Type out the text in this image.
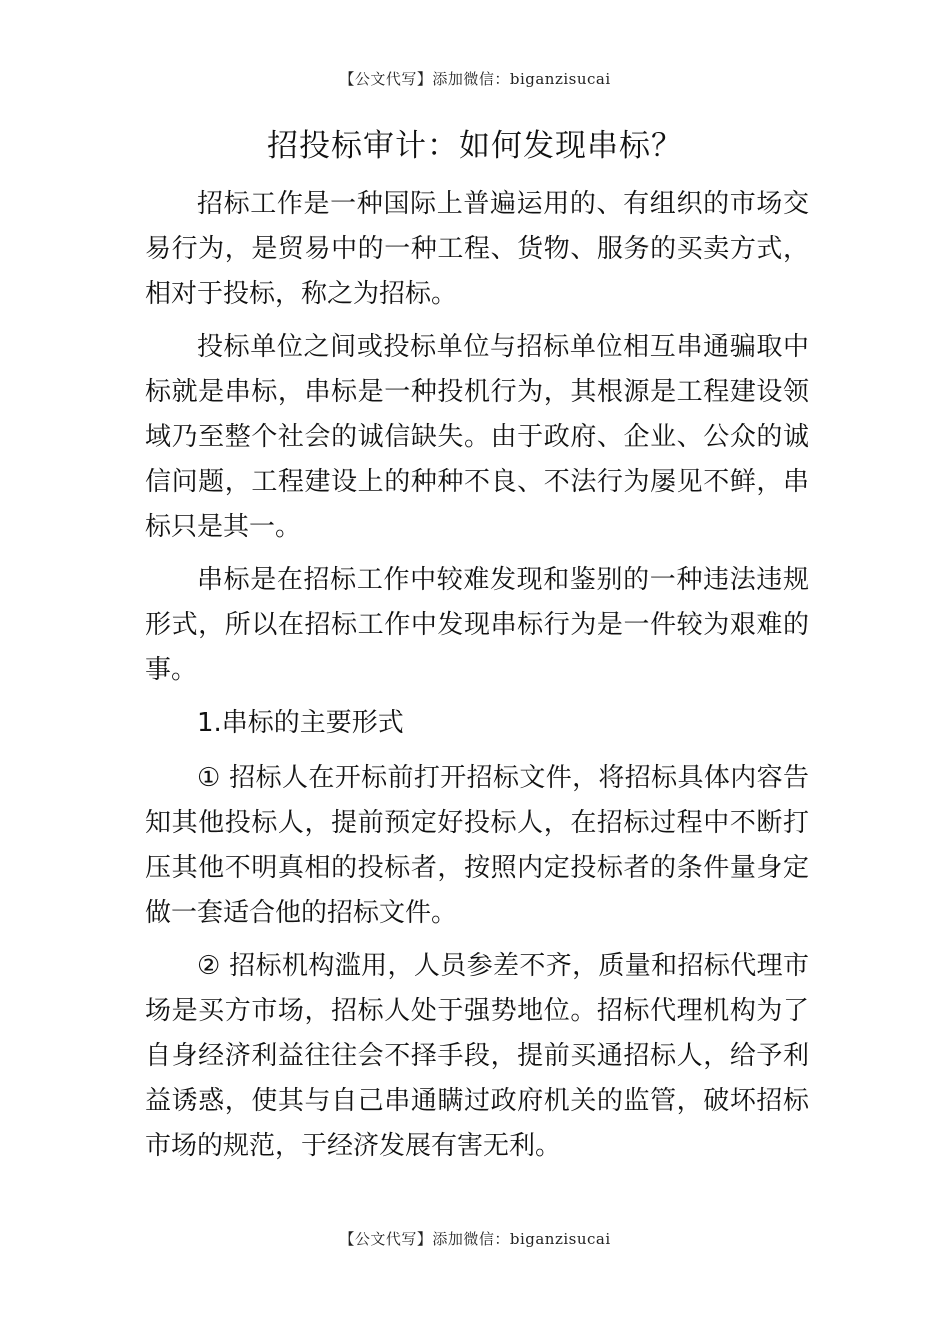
【公文代写】添加微信：biganzisucai
招投标审计：如何发现串标？

招标工作是一种国际上普遍运用的、有组织的市场交易行为，是贸易中的一种工程、货物、服务的买卖方式，相对于投标，称之为招标。

投标单位之间或投标单位与招标单位相互串通骗取中标就是串标，串标是一种投机行为，其根源是工程建设领域乃至整个社会的诚信缺失。由于政府、企业、公众的诚信问题，工程建设上的种种不良、不法行为屡见不鲜，串标只是其一。

串标是在招标工作中较难发现和鉴别的一种违法违规形式，所以在招标工作中发现串标行为是一件较为艰难的事。

1.串标的主要形式

① 招标人在开标前打开招标文件，将招标具体内容告知其他投标人，提前预定好投标人，在招标过程中不断打压其他不明真相的投标者，按照内定投标者的条件量身定做一套适合他的招标文件。

② 招标机构滥用，人员参差不齐，质量和招标代理市场是买方市场，招标人处于强势地位。招标代理机构为了自身经济利益往往会不择手段，提前买通招标人，给予利益诱惑，使其与自己串通瞒过政府机关的监管，破坏招标市场的规范，于经济发展有害无利。

【公文代写】添加微信：biganzisucai
